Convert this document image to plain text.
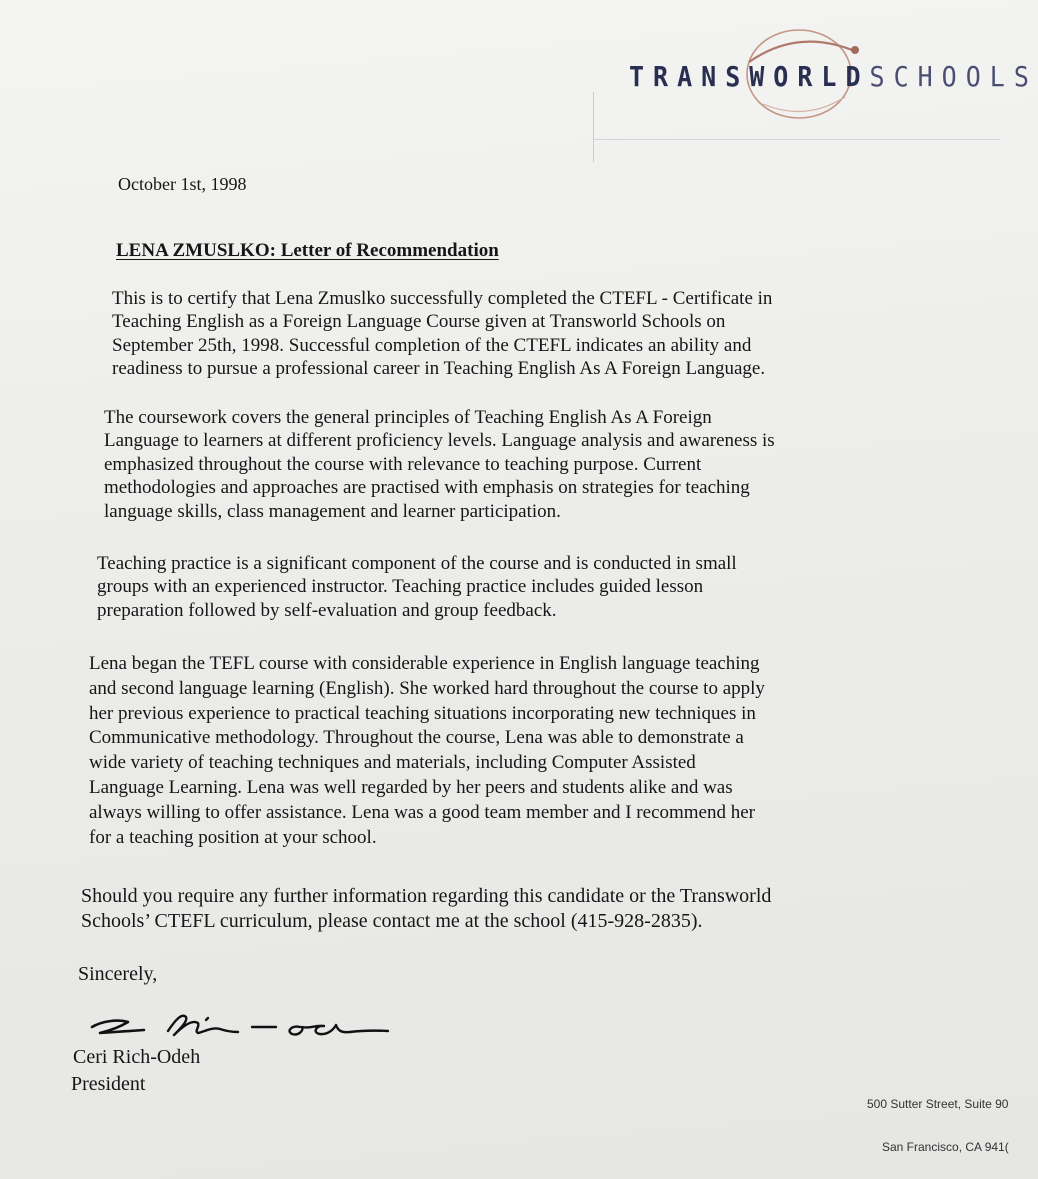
TRANSWORLDSCHOOLS
October 1st, 1998
LENA ZMUSLKO: Letter of Recommendation
This is to certify that Lena Zmuslko successfully completed the CTEFL - Certificate in
Teaching English as a Foreign Language Course given at Transworld Schools on
September 25th, 1998. Successful completion of the CTEFL indicates an ability and
readiness to pursue a professional career in Teaching English As A Foreign Language.
The coursework covers the general principles of Teaching English As A Foreign
Language to learners at different proficiency levels. Language analysis and awareness is
emphasized throughout the course with relevance to teaching purpose. Current
methodologies and approaches are practised with emphasis on strategies for teaching
language skills, class management and learner participation.
Teaching practice is a significant component of the course and is conducted in small
groups with an experienced instructor. Teaching practice includes guided lesson
preparation followed by self-evaluation and group feedback.
Lena began the TEFL course with considerable experience in English language teaching
and second language learning (English). She worked hard throughout the course to apply
her previous experience to practical teaching situations incorporating new techniques in
Communicative methodology. Throughout the course, Lena was able to demonstrate a
wide variety of teaching techniques and materials, including Computer Assisted
Language Learning. Lena was well regarded by her peers and students alike and was
always willing to offer assistance. Lena was a good team member and I recommend her
for a teaching position at your school.
Should you require any further information regarding this candidate or the Transworld
Schools’ CTEFL curriculum, please contact me at the school (415-928-2835).
Sincerely,
Ceri Rich-Odeh
President
500 Sutter Street, Suite 90
San Francisco, CA 941(
